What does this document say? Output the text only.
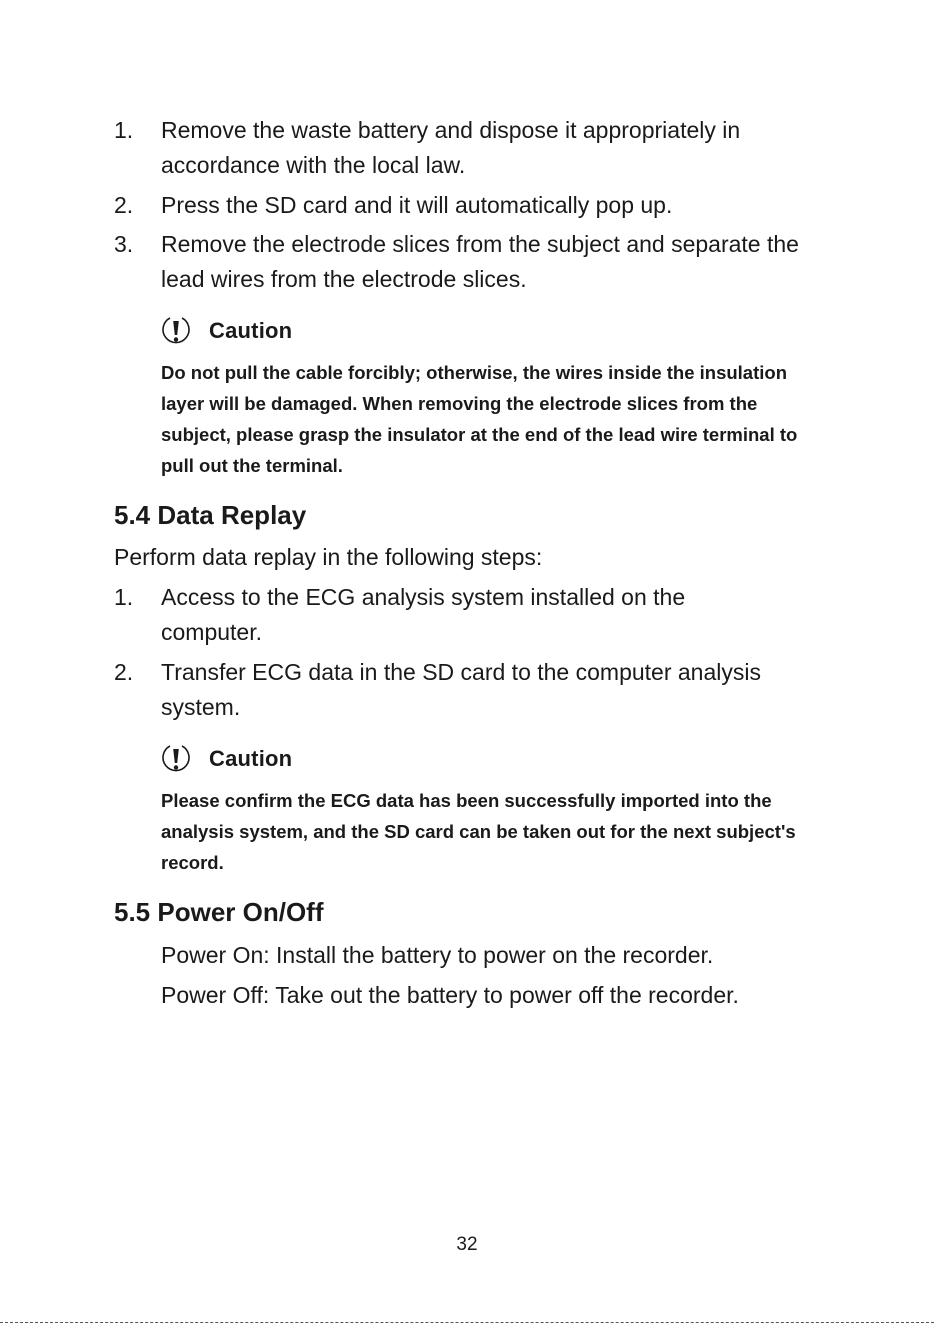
1.	Remove the waste battery and dispose it appropriately in accordance with the local law.
2.	Press the SD card and it will automatically pop up.
3.	Remove the electrode slices from the subject and separate the lead wires from the electrode slices.
Caution
Do not pull the cable forcibly; otherwise, the wires inside the insulation layer will be damaged. When removing the electrode slices from the subject, please grasp the insulator at the end of the lead wire terminal to pull out the terminal.
5.4 Data Replay
Perform data replay in the following steps:
1.	Access to the ECG analysis system installed on the computer.
2.	Transfer ECG data in the SD card to the computer analysis system.
Caution
Please confirm the ECG data has been successfully imported into the analysis system, and the SD card can be taken out for the next subject's record.
5.5 Power On/Off
Power On: Install the battery to power on the recorder.
Power Off: Take out the battery to power off the recorder.
32
